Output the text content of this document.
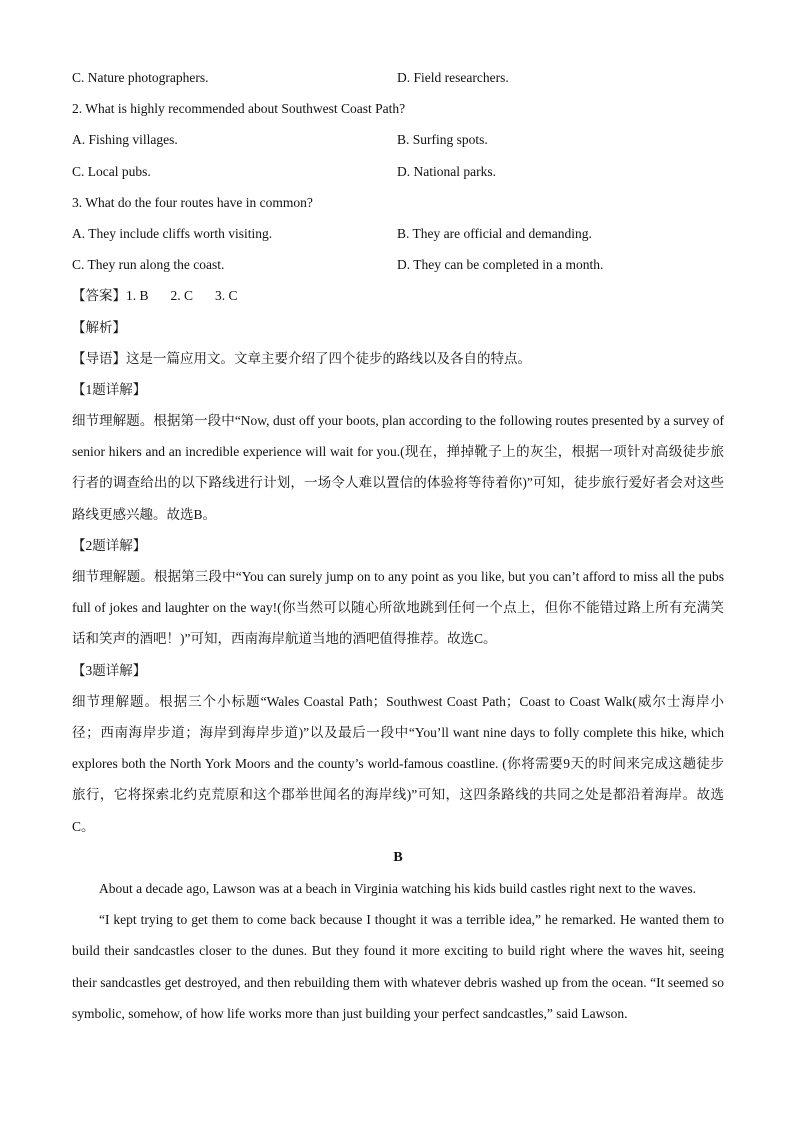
C. Nature photographers.	D. Field researchers.
2. What is highly recommended about Southwest Coast Path?
A. Fishing villages.	B. Surfing spots.
C. Local pubs.	D. National parks.
3. What do the four routes have in common?
A. They include cliffs worth visiting.	B. They are official and demanding.
C. They run along the coast.	D. They can be completed in a month.
【答案】1. B 2. C 3. C
【解析】
【导语】这是一篇应用文。文章主要介绍了四个徒步的路线以及各自的特点。
【1题详解】
细节理解题。根据第一段中“Now, dust off your boots, plan according to the following routes presented by a survey of senior hikers and an incredible experience will wait for you.(现在，掸掉靴子上的灰尘，根据一项针对高级徒步旅行者的调查给出的以下路线进行计划，一场令人难以置信的体验将等待着你)”可知，徒步旅行爱好者会对这些路线更感兴趣。故选B。
【2题详解】
细节理解题。根据第三段中“You can surely jump on to any point as you like, but you can’t afford to miss all the pubs full of jokes and laughter on the way!(你当然可以随心所欲地跳到任何一个点上，但你不能错过路上所有充满笑话和笑声的酒吧！)”可知，西南海岸航道当地的酒吧值得推荐。故选C。
【3题详解】
细节理解题。根据三个小标题“Wales Coastal Path；Southwest Coast Path；Coast to Coast Walk(威尔士海岸小径；西南海岸步道；海岸到海岸步道)”以及最后一段中“You’ll want nine days to folly complete this hike, which explores both the North York Moors and the county’s world-famous coastline. (你将需要9天的时间来完成这趟徒步旅行，它将探索北约克荒原和这个郡举世闻名的海岸线)”可知，这四条路线的共同之处是都沿着海岸。故选C。
B
About a decade ago, Lawson was at a beach in Virginia watching his kids build castles right next to the waves.
“I kept trying to get them to come back because I thought it was a terrible idea,” he remarked. He wanted them to build their sandcastles closer to the dunes. But they found it more exciting to build right where the waves hit, seeing their sandcastles get destroyed, and then rebuilding them with whatever debris washed up from the ocean. “It seemed so symbolic, somehow, of how life works more than just building your perfect sandcastles,” said Lawson.
